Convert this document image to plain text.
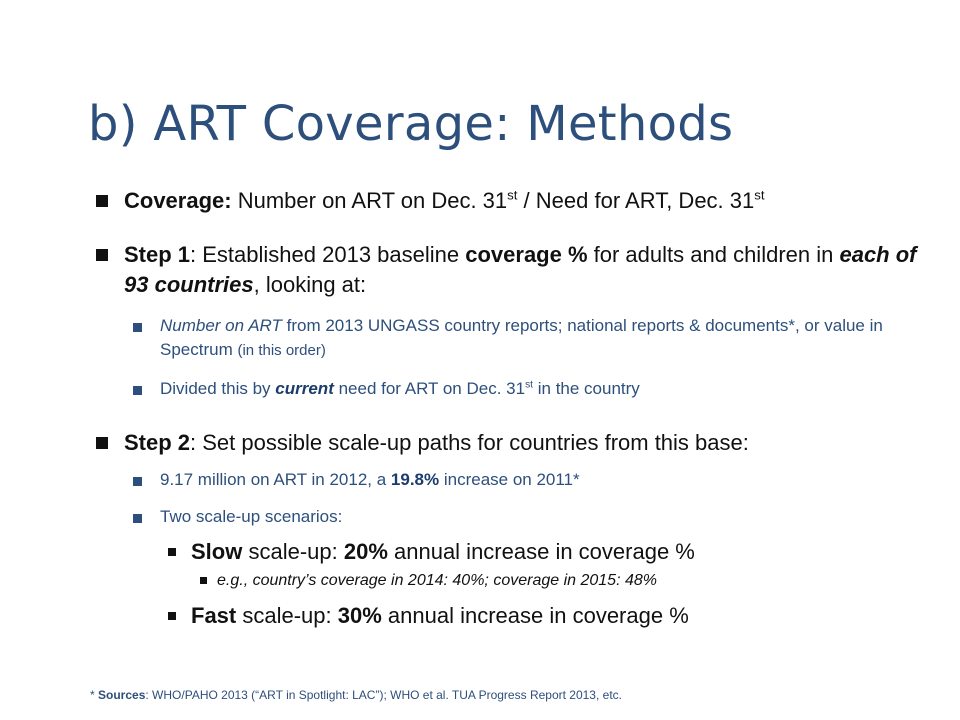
b) ART Coverage: Methods
Coverage: Number on ART on Dec. 31st / Need for ART, Dec. 31st
Step 1: Established 2013 baseline coverage % for adults and children in each of 93 countries, looking at:
Number on ART from 2013 UNGASS country reports; national reports & documents*, or value in Spectrum (in this order)
Divided this by current need for ART on Dec. 31st in the country
Step 2: Set possible scale-up paths for countries from this base:
9.17 million on ART in 2012, a 19.8% increase on 2011*
Two scale-up scenarios:
Slow scale-up: 20% annual increase in coverage %
e.g., country’s coverage in 2014: 40%; coverage in 2015: 48%
Fast scale-up: 30% annual increase in coverage %
* Sources: WHO/PAHO 2013 (“ART in Spotlight: LAC”); WHO et al. TUA Progress Report 2013, etc.
